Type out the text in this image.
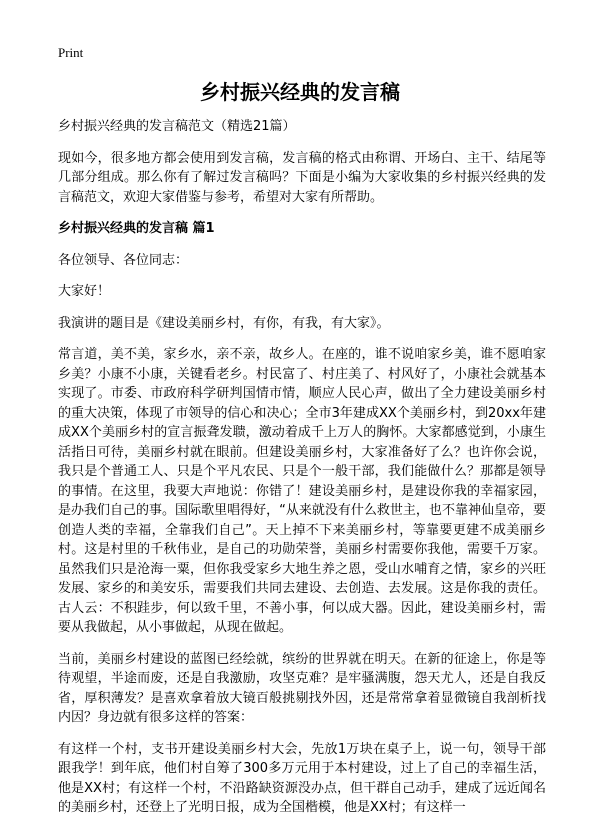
Print
乡村振兴经典的发言稿

乡村振兴经典的发言稿范文（精选21篇）

现如今，很多地方都会使用到发言稿，发言稿的格式由称谓、开场白、主干、结尾等几部分组成。那么你有了解过发言稿吗？下面是小编为大家收集的乡村振兴经典的发言稿范文，欢迎大家借鉴与参考，希望对大家有所帮助。

乡村振兴经典的发言稿 篇1

各位领导、各位同志：

大家好！

我演讲的题目是《建设美丽乡村，有你，有我，有大家》。

常言道，美不美，家乡水，亲不亲，故乡人。在座的，谁不说咱家乡美，谁不愿咱家乡美？小康不小康，关键看老乡。村民富了、村庄美了、村风好了，小康社会就基本实现了。市委、市政府科学研判国情市情，顺应人民心声，做出了全力建设美丽乡村的重大决策，体现了市领导的信心和决心；全市3年建成XX个美丽乡村，到20xx年建成XX个美丽乡村的宣言振聋发聩，激动着成千上万人的胸怀。大家都感觉到，小康生活指日可待，美丽乡村就在眼前。但建设美丽乡村，大家准备好了么？也许你会说，我只是个普通工人、只是个平凡农民、只是个一般干部，我们能做什么？那都是领导的事情。在这里，我要大声地说：你错了！建设美丽乡村，是建设你我的幸福家园，是办我们自己的事。国际歌里唱得好，“从来就没有什么救世主，也不靠神仙皇帝，要创造人类的幸福，全靠我们自己”。天上掉不下来美丽乡村，等靠要更建不成美丽乡村。这是村里的千秋伟业，是自己的功勋荣誉，美丽乡村需要你我他，需要千万家。虽然我们只是沧海一粟，但你我受家乡大地生养之恩，受山水哺育之情，家乡的兴旺发展、家乡的和美安乐，需要我们共同去建设、去创造、去发展。这是你我的责任。古人云：不积跬步，何以致千里，不善小事，何以成大器。因此，建设美丽乡村，需要从我做起，从小事做起，从现在做起。

当前，美丽乡村建设的蓝图已经绘就，缤纷的世界就在明天。在新的征途上，你是等待观望，半途而废，还是自我激励，攻坚克难？是牢骚满腹，怨天尤人，还是自我反省，厚积薄发？是喜欢拿着放大镜百般挑剔找外因，还是常常拿着显微镜自我剖析找内因？身边就有很多这样的答案：

有这样一个村，支书开建设美丽乡村大会，先放1万块在桌子上，说一句，领导干部跟我学！到年底，他们村自筹了300多万元用于本村建设，过上了自己的幸福生活，他是XX村；有这样一个村，不沿路缺资源没办点，但干群自己动手，建成了远近闻名的美丽乡村，还登上了光明日报，成为全国楷模，他是XX村；有这样一
